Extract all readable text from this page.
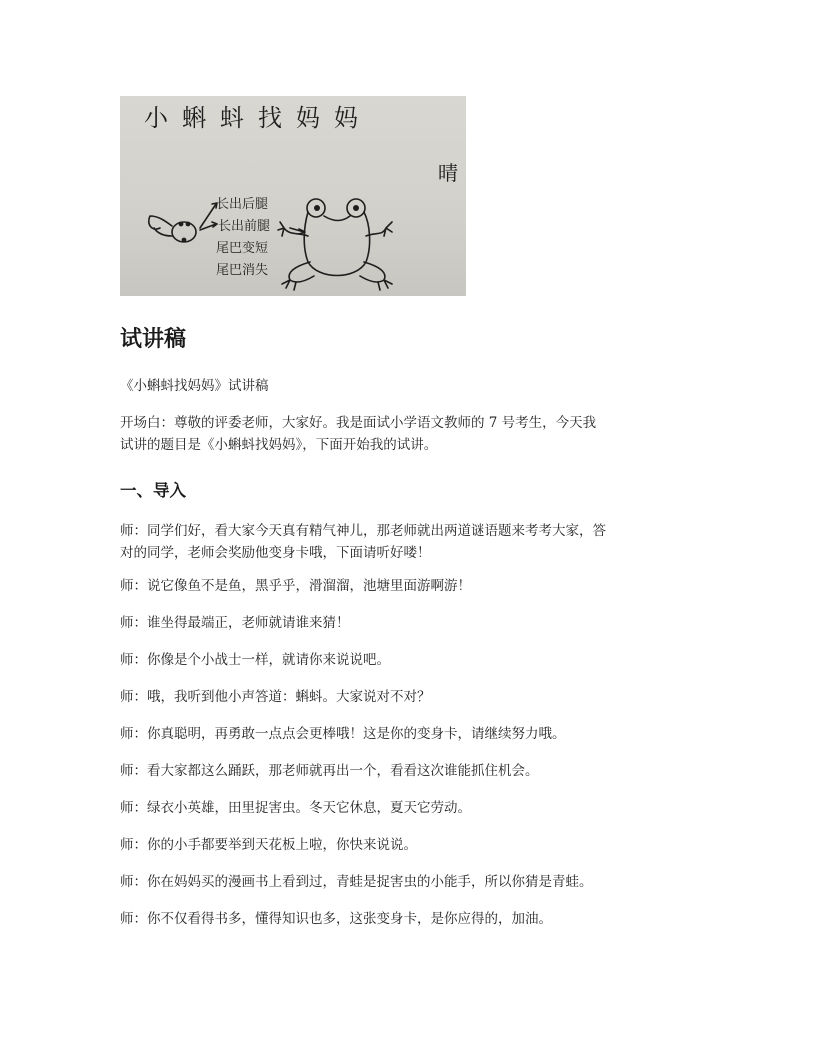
小蝌蚪找妈妈
晴
长出后腿
长出前腿
尾巴变短
尾巴消失
试讲稿

《小蝌蚪找妈妈》试讲稿

开场白：尊敬的评委老师，大家好。我是面试小学语文教师的 7 号考生，今天我

试讲的题目是《小蝌蚪找妈妈》，下面开始我的试讲。

一、导入

师：同学们好，看大家今天真有精气神儿，那老师就出两道谜语题来考考大家，答

对的同学，老师会奖励他变身卡哦，下面请听好喽！

师：说它像鱼不是鱼，黑乎乎，滑溜溜，池塘里面游啊游！

师：谁坐得最端正，老师就请谁来猜！

师：你像是个小战士一样，就请你来说说吧。

师：哦，我听到他小声答道：蝌蚪。大家说对不对？

师：你真聪明，再勇敢一点点会更棒哦！这是你的变身卡，请继续努力哦。

师：看大家都这么踊跃，那老师就再出一个，看看这次谁能抓住机会。

师：绿衣小英雄，田里捉害虫。冬天它休息，夏天它劳动。

师：你的小手都要举到天花板上啦，你快来说说。

师：你在妈妈买的漫画书上看到过，青蛙是捉害虫的小能手，所以你猜是青蛙。

师：你不仅看得书多，懂得知识也多，这张变身卡，是你应得的，加油。
